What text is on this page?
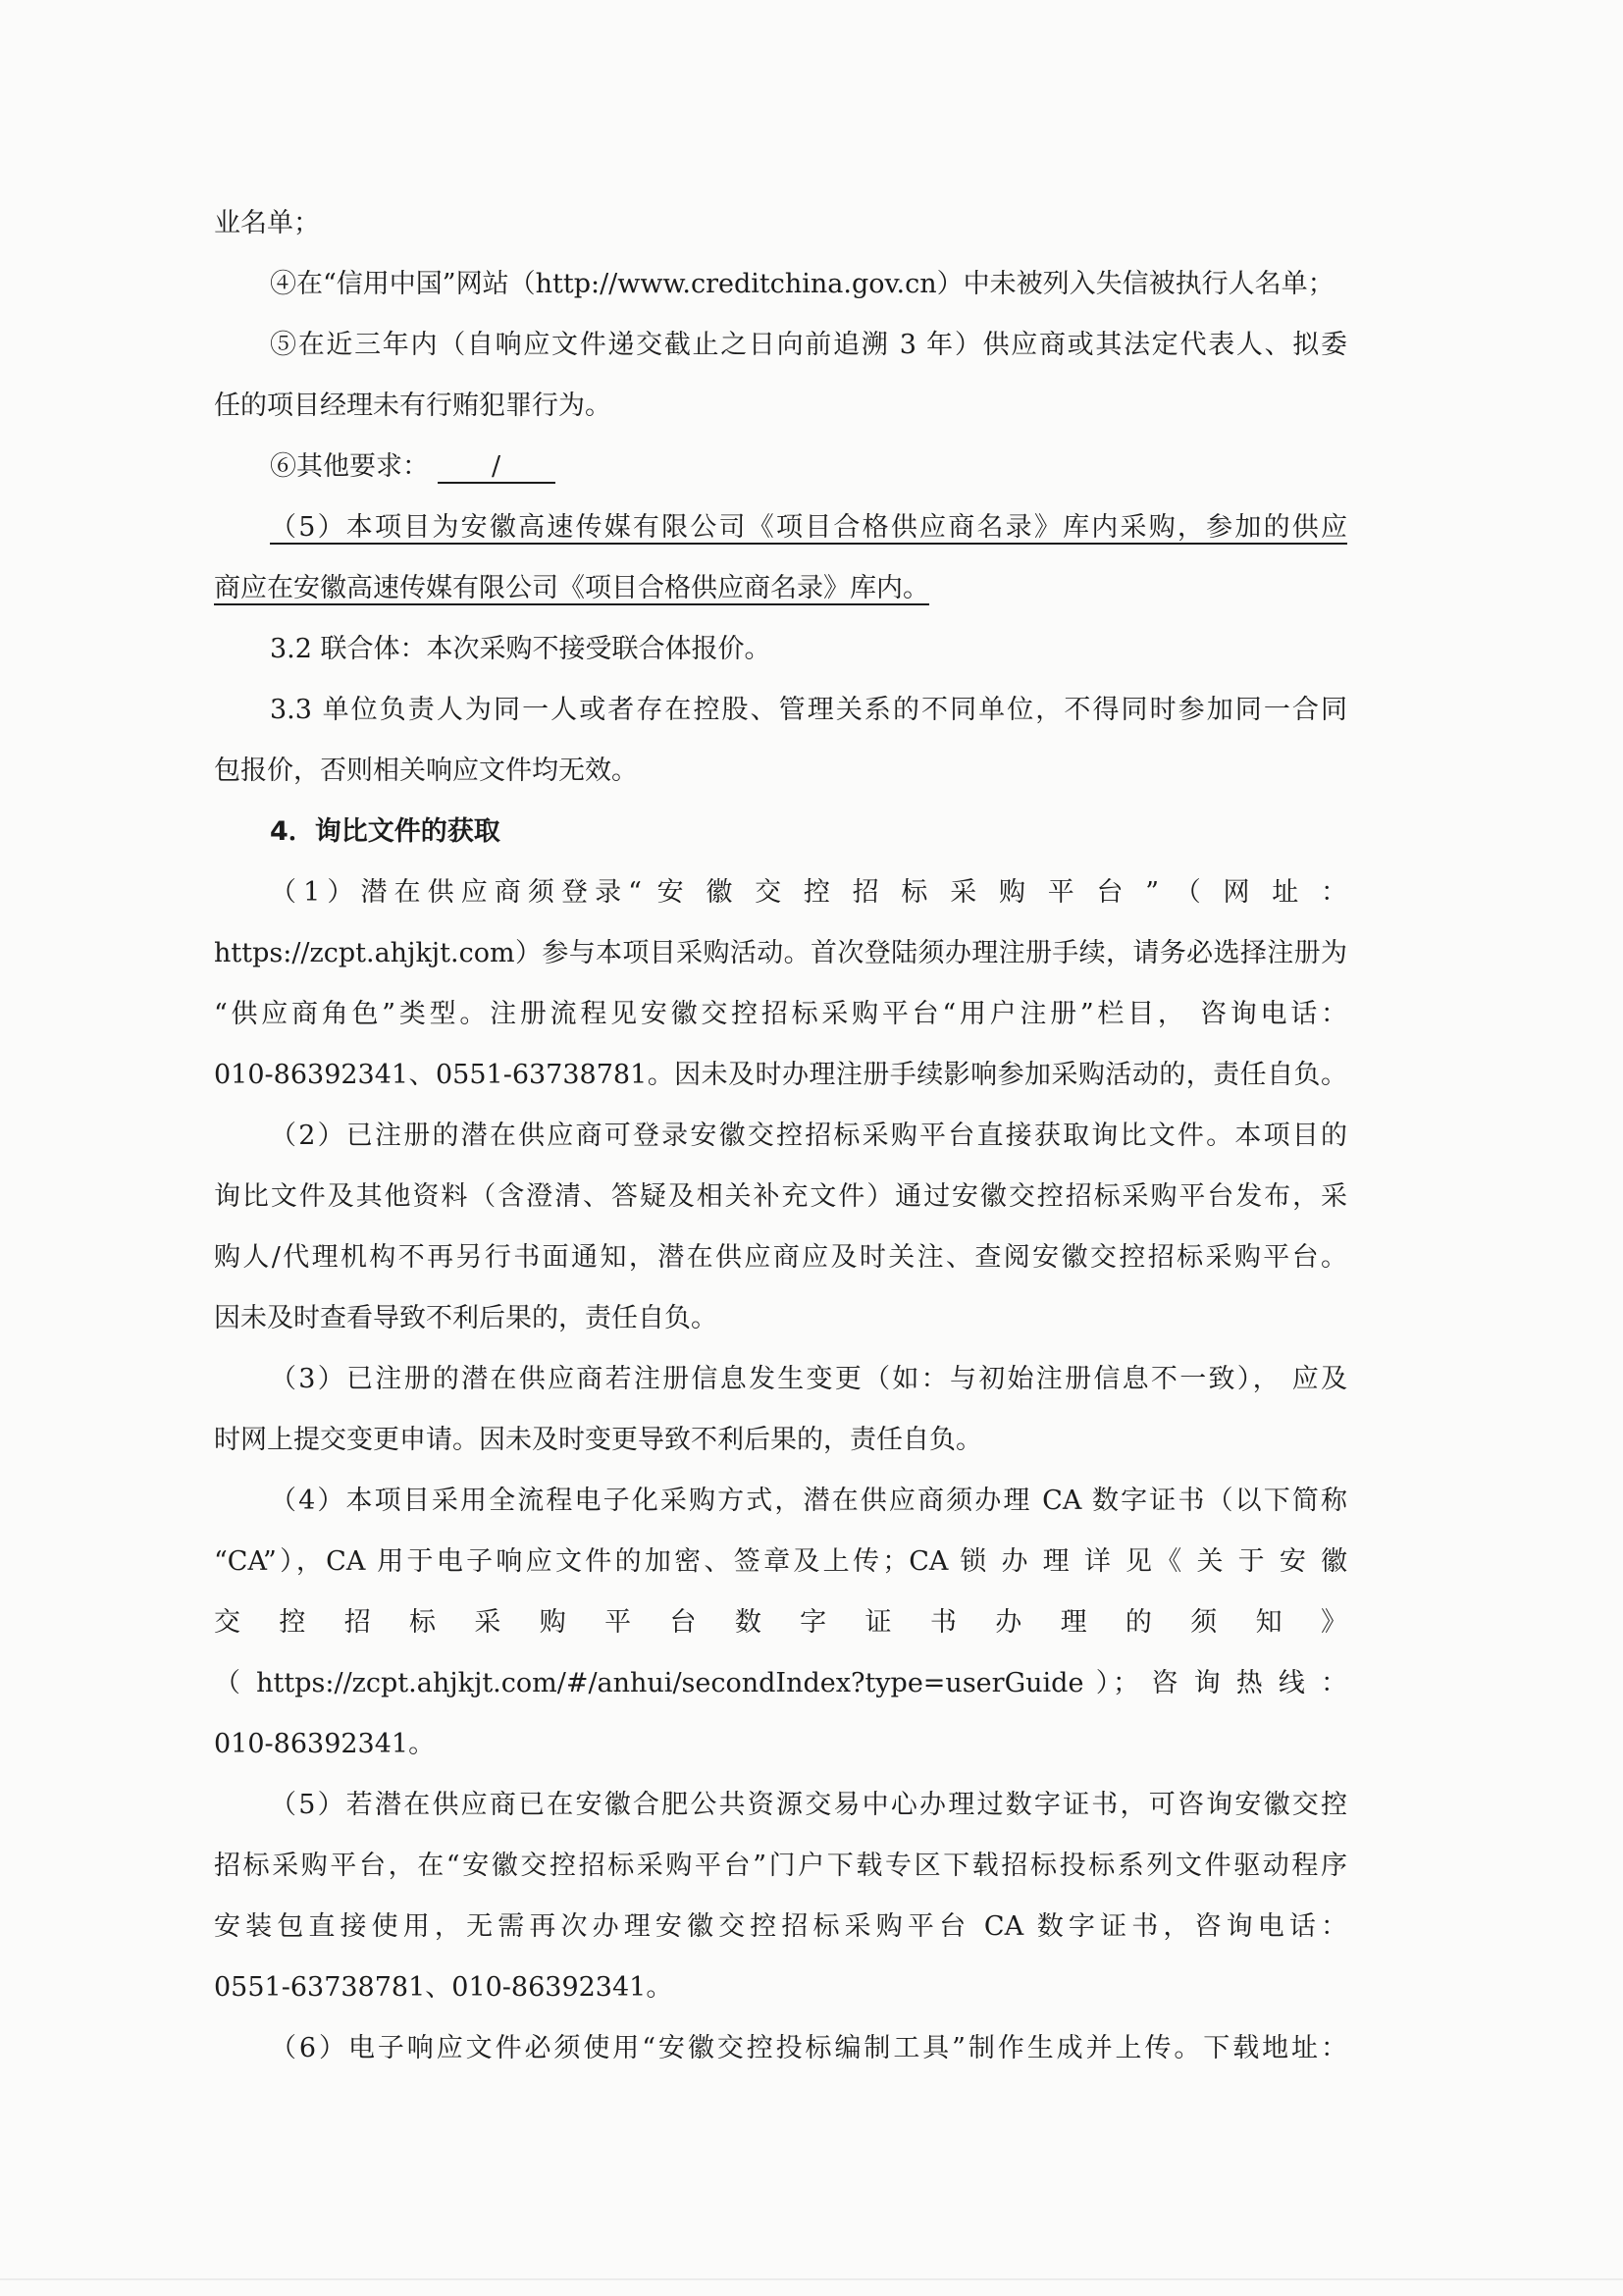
业名单；
④在“信用中国”网站（http://www.creditchina.gov.cn）中未被列入失信被执行人名单；
⑤在近三年内（自响应文件递交截止之日向前追溯 3 年）供应商或其法定代表人、拟委
任的项目经理未有行贿犯罪行为。
⑥其他要求： /
（5）本项目为安徽高速传媒有限公司《项目合格供应商名录》库内采购，参加的供应
商应在安徽高速传媒有限公司《项目合格供应商名录》库内。
3.2 联合体：本次采购不接受联合体报价。
3.3 单位负责人为同一人或者存在控股、管理关系的不同单位，不得同时参加同一合同
包报价，否则相关响应文件均无效。
4．询比文件的获取
（1）潜在供应商须登录“ 安 徽 交 控 招 标 采 购 平 台 ” （ 网 址 ：
https://zcpt.ahjkjt.com）参与本项目采购活动。首次登陆须办理注册手续，请务必选择注册为
“供应商角色”类型。注册流程见安徽交控招标采购平台“用户注册”栏目， 咨询电话：
010-86392341、0551-63738781。因未及时办理注册手续影响参加采购活动的，责任自负。
（2）已注册的潜在供应商可登录安徽交控招标采购平台直接获取询比文件。本项目的
询比文件及其他资料（含澄清、答疑及相关补充文件）通过安徽交控招标采购平台发布，采
购人/代理机构不再另行书面通知，潜在供应商应及时关注、查阅安徽交控招标采购平台。
因未及时查看导致不利后果的，责任自负。
（3）已注册的潜在供应商若注册信息发生变更（如：与初始注册信息不一致）， 应及
时网上提交变更申请。因未及时变更导致不利后果的，责任自负。
（4）本项目采用全流程电子化采购方式，潜在供应商须办理 CA 数字证书（以下简称
“CA”），CA 用于电子响应文件的加密、签章及上传；CA 锁 办 理 详 见《 关 于 安 徽
交 控 招 标 采 购 平 台 数 字 证 书 办 理 的 须 知 》
（ https://zcpt.ahjkjt.com/#/anhui/secondIndex?type=userGuide ）； 咨 询 热 线 ：
010-86392341。
（5）若潜在供应商已在安徽合肥公共资源交易中心办理过数字证书，可咨询安徽交控
招标采购平台，在“安徽交控招标采购平台”门户下载专区下载招标投标系列文件驱动程序
安装包直接使用，无需再次办理安徽交控招标采购平台 CA 数字证书，咨询电话：
0551-63738781、010-86392341。
（6）电子响应文件必须使用“安徽交控投标编制工具”制作生成并上传。下载地址：
